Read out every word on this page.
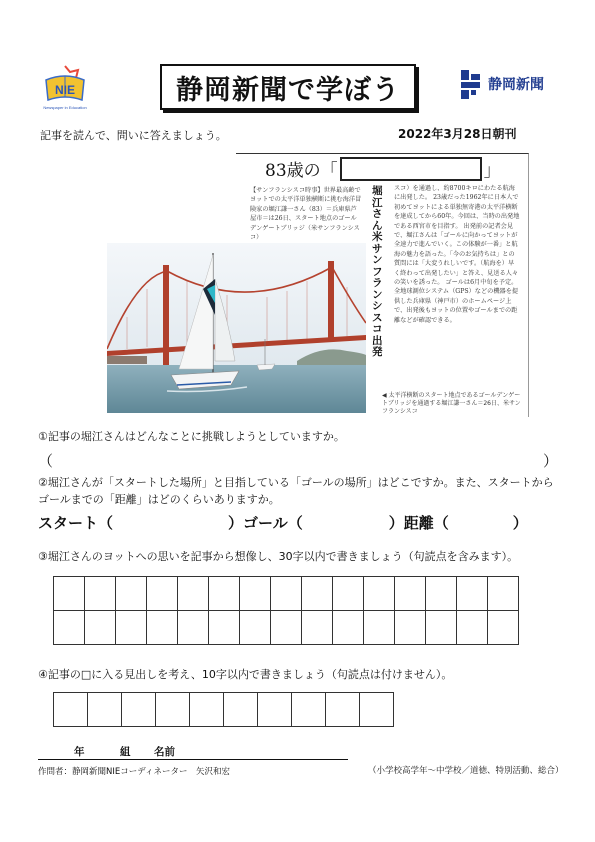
NIE
Newspaper in Education
静岡新聞で学ぼう	静岡新聞
記事を読んで、問いに答えましょう。	2022年3月28日朝刊
83歳の「	」
【サンフランシスコ時事】世界最高齢でヨットでの太平洋単独横断に挑む海洋冒険家の堀江謙一さん（83）＝兵庫県芦屋市＝は26日、スタート地点のゴールデンゲートブリッジ（米サンフランシスコ）
堀江さん米サンフランシスコ出発
スコ）を通過し、約8700キロにわたる航海に出発した。 23歳だった1962年に日本人で初めてヨットによる単独無寄港の太平洋横断を達成してから60年。今回は、当時の出発地である西宮市を目指す。 出発前の記者会見で、堀江さんは「ゴールに向かってヨットが全速力で進んでいく。この体験が一番」と航海の魅力を語った。「今のお気持ちは」との質問には「大変うれしいです。（航海を）早く終わって出発したい」と答え、見送る人々の笑いを誘った。 ゴールは6月中旬を予定。全地球測位システム（GPS）などの機器を提供した兵庫県（神戸市）のホームページ上で、出発後もヨットの位置やゴールまでの距離などが確認できる。
◀ 太平洋横断のスタート地点であるゴールデンゲートブリッジを通過する堀江謙一さん＝26日、米サンフランシスコ
①記事の堀江さんはどんなことに挑戦しようとしていますか。
（	）
②堀江さんが「スタートした場所」と目指している「ゴールの場所」はどこですか。また、スタートからゴールまでの「距離」はどのくらいありますか。
スタート（	）ゴール（	）距離（	）
③堀江さんのヨットへの思いを記事から想像し、30字以内で書きましょう（句読点を含みます）。

④記事の□に入る見出しを考え、10字以内で書きましょう（句読点は付けません）。

年	組 名前
作問者：静岡新聞NIEコーディネーター　矢沢和宏	（小学校高学年～中学校／道徳、特別活動、総合）
